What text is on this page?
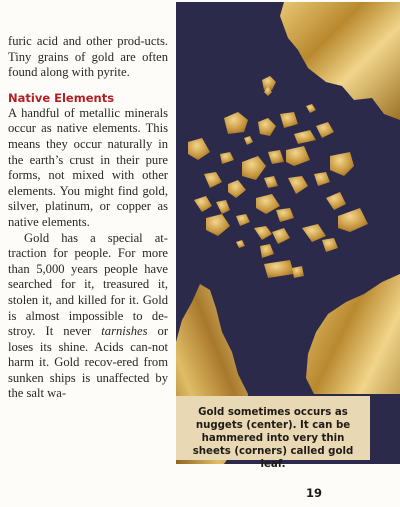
furic acid and other prod-ucts. Tiny grains of gold are often found along with pyrite.

Native Elements

A handful of metallic minerals occur as native elements. This means they occur naturally in the earth’s crust in their pure forms, not mixed with other elements. You might find gold, silver, platinum, or copper as native elements.

Gold has a special at-traction for people. For more than 5,000 years people have searched for it, treasured it, stolen it, and killed for it. Gold is almost impossible to de-stroy. It never tarnishes or loses its shine. Acids can-not harm it. Gold recov-ered from sunken ships is unaffected by the salt wa-

Gold sometimes occurs as nuggets (center). It can be hammered into very thin sheets (corners) called gold leaf.
19
